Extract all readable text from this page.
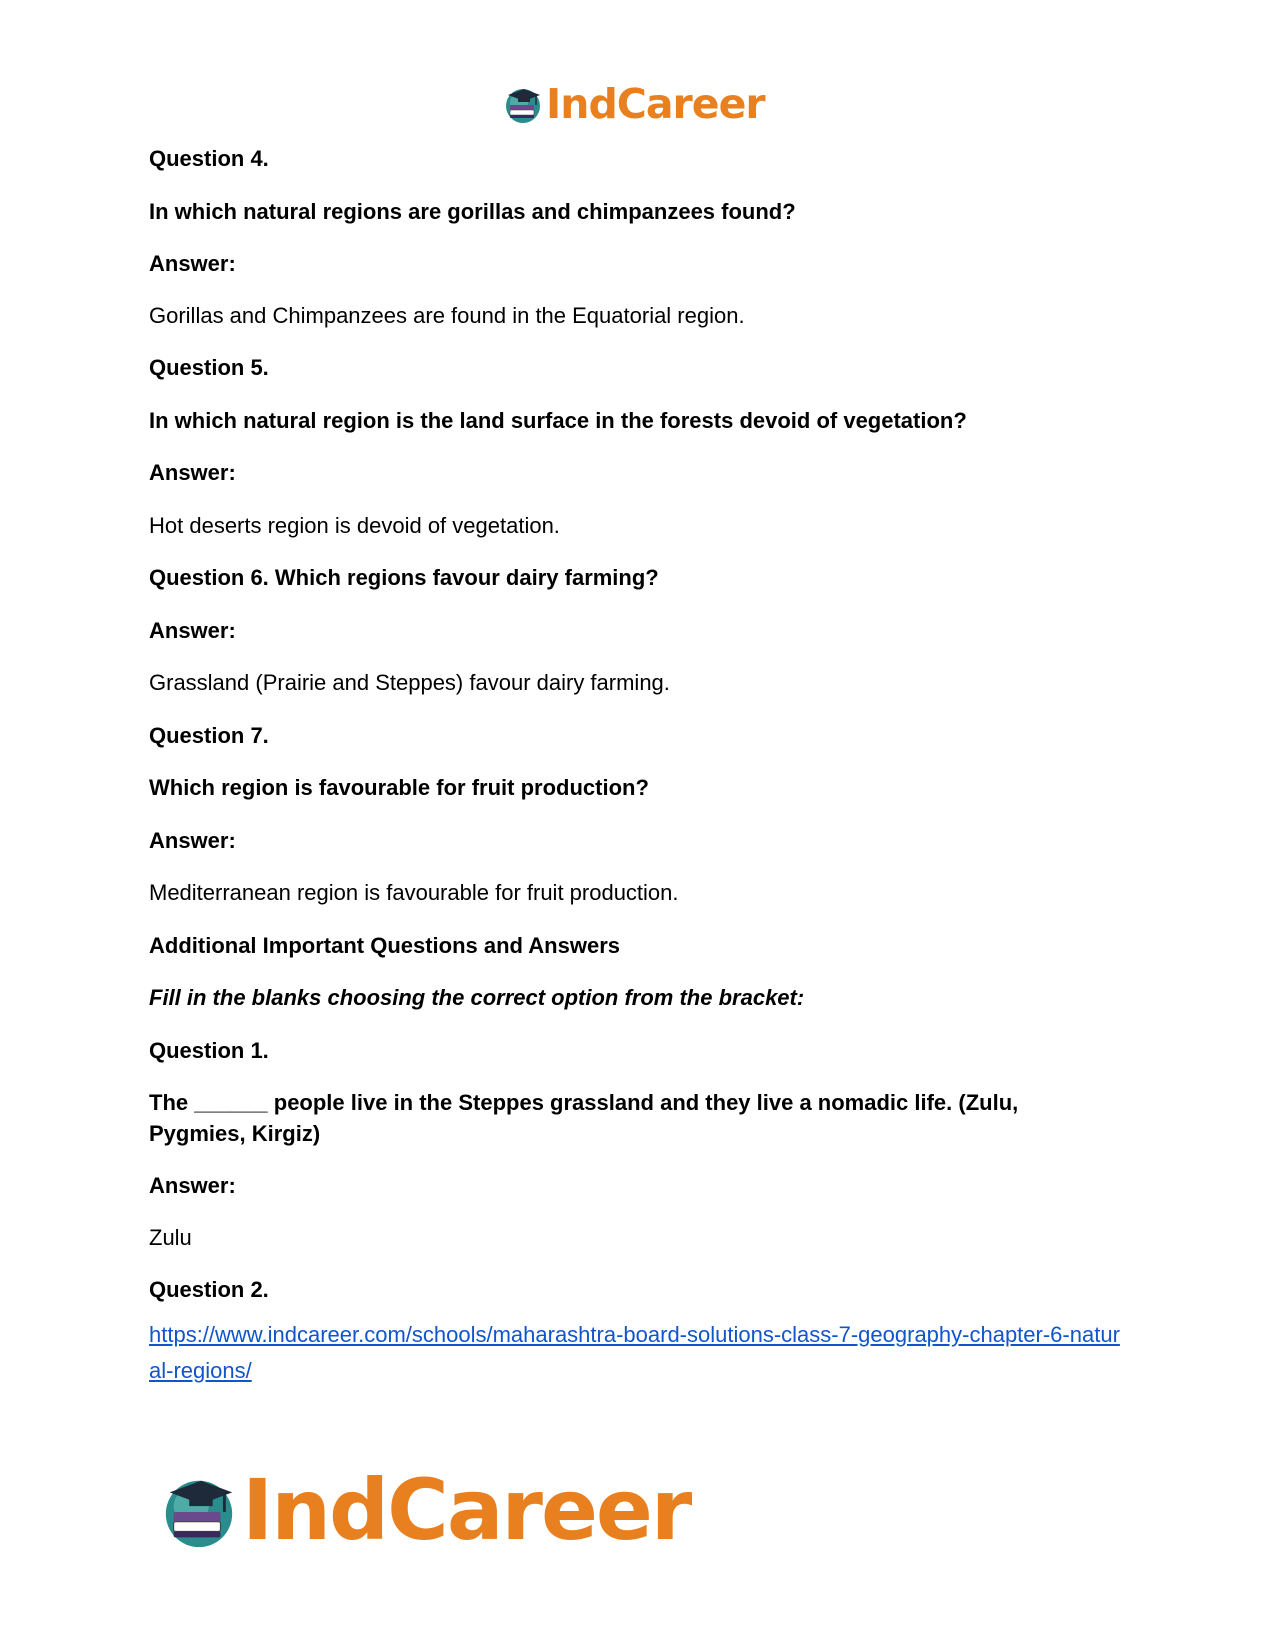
IndCareer
Question 4.
In which natural regions are gorillas and chimpanzees found?
Answer:
Gorillas and Chimpanzees are found in the Equatorial region.
Question 5.
In which natural region is the land surface in the forests devoid of vegetation?
Answer:
Hot deserts region is devoid of vegetation.
Question 6. Which regions favour dairy farming?
Answer:
Grassland (Prairie and Steppes) favour dairy farming.
Question 7.
Which region is favourable for fruit production?
Answer:
Mediterranean region is favourable for fruit production.
Additional Important Questions and Answers
Fill in the blanks choosing the correct option from the bracket:
Question 1.
The ______ people live in the Steppes grassland and they live a nomadic life. (Zulu, Pygmies, Kirgiz)
Answer:
Zulu
Question 2.
https://www.indcareer.com/schools/maharashtra-board-solutions-class-7-geography-chapter-6-natural-regions/
IndCareer
